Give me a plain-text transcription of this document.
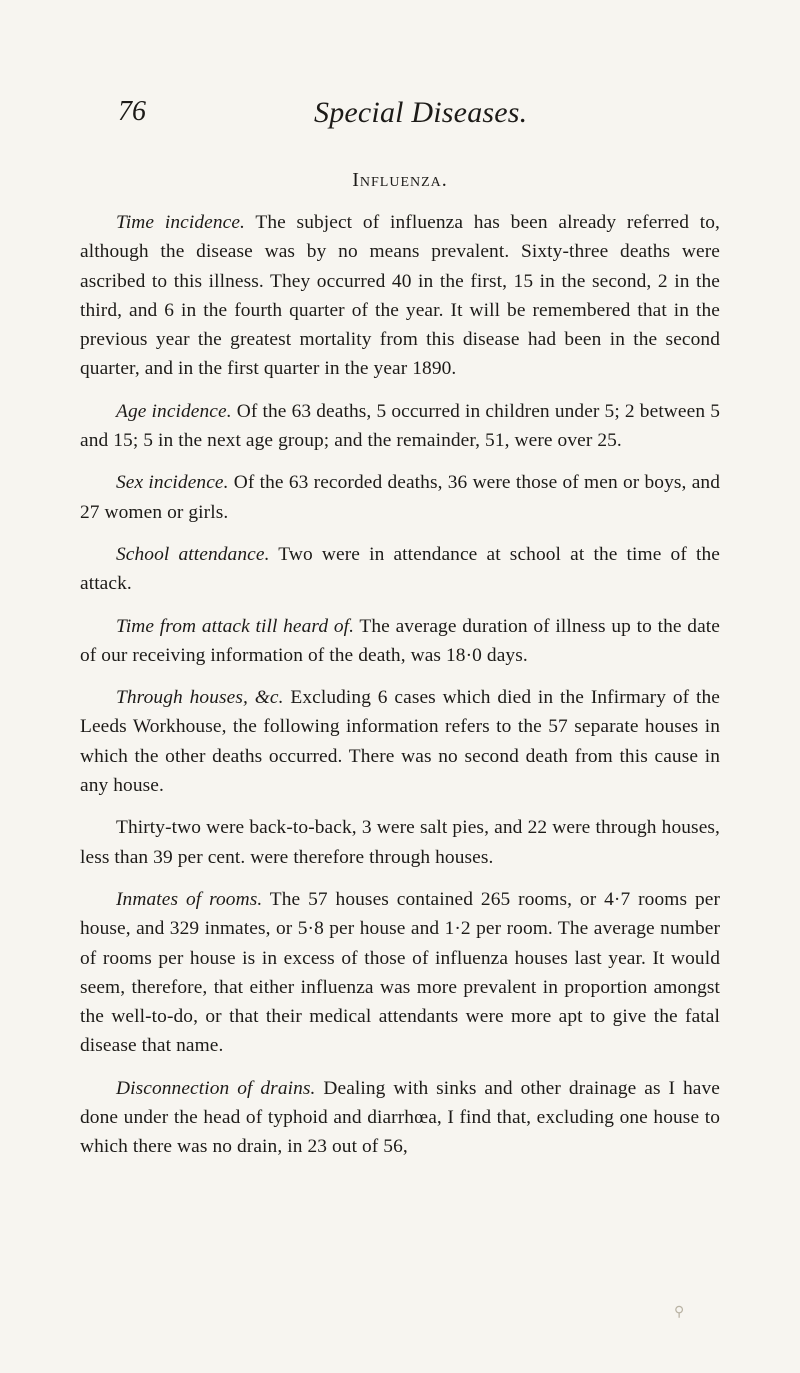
76	Special Diseases.
Influenza.

Time incidence. The subject of influenza has been already referred to, although the disease was by no means prevalent. Sixty-three deaths were ascribed to this illness. They occurred 40 in the first, 15 in the second, 2 in the third, and 6 in the fourth quarter of the year. It will be remembered that in the previous year the greatest mortality from this disease had been in the second quarter, and in the first quarter in the year 1890.

Age incidence. Of the 63 deaths, 5 occurred in children under 5; 2 between 5 and 15; 5 in the next age group; and the remainder, 51, were over 25.

Sex incidence. Of the 63 recorded deaths, 36 were those of men or boys, and 27 women or girls.

School attendance. Two were in attendance at school at the time of the attack.

Time from attack till heard of. The average duration of illness up to the date of our receiving information of the death, was 18·0 days.

Through houses, &c. Excluding 6 cases which died in the Infirmary of the Leeds Workhouse, the following information refers to the 57 separate houses in which the other deaths occurred. There was no second death from this cause in any house.

Thirty-two were back-to-back, 3 were salt pies, and 22 were through houses, less than 39 per cent. were therefore through houses.

Inmates of rooms. The 57 houses contained 265 rooms, or 4·7 rooms per house, and 329 inmates, or 5·8 per house and 1·2 per room. The average number of rooms per house is in excess of those of influenza houses last year. It would seem, therefore, that either influenza was more prevalent in proportion amongst the well-to-do, or that their medical attendants were more apt to give the fatal disease that name.

Disconnection of drains. Dealing with sinks and other drainage as I have done under the head of typhoid and diarrhœa, I find that, excluding one house to which there was no drain, in 23 out of 56,

⚲
